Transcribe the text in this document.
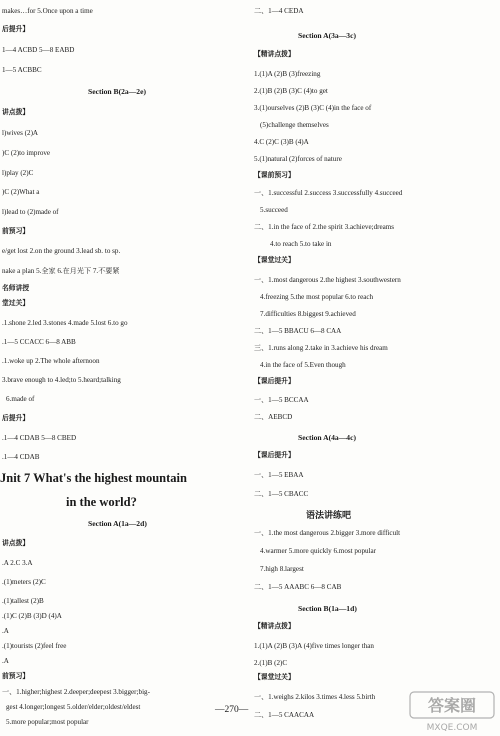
makes…for 5.Once upon a time
后提升】
1—4 ACBD 5—8 EABD
1—5 ACBBC
Section B(2a—2e)
讲点拨】
l)wives (2)A
)C (2)to improve
l)play (2)C
)C (2)What a
l)lead to (2)made of
前预习】
e/get lost 2.on the ground 3.lead sb. to sp.
nake a plan 5.全家 6.在月光下 7.不要紧
名师讲授
堂过关】
.1.shone 2.led 3.stones 4.made 5.lost 6.to go
.1—5 CCACC 6—8 ABB
.1.woke up 2.The whole afternoon
3.brave enough to 4.led;to 5.heard;talking
6.made of
后提升】
.1—4 CDAB 5—8 CBED
.1—4 CDAB
Jnit 7 What's the highest mountain
in the world?
Section A(1a—2d)
讲点拨】
.A 2.C 3.A
.(1)meters (2)C
.(1)tallest (2)B
.(1)C (2)B (3)D (4)A
.A
.(1)tourists (2)feel free
.A
前预习】
一、1.higher;highest 2.deeper;deepest 3.bigger;big-
gest 4.longer;longest 5.older/elder;oldest/eldest
5.more popular;most popular
二、1—4 CEDA
Section A(3a—3c)
【精讲点拨】
1.(1)A (2)B (3)freezing
2.(1)B (2)B (3)C (4)to get
3.(1)ourselves (2)B (3)C (4)in the face of
(5)challenge themselves
4.C (2)C (3)B (4)A
5.(1)natural (2)forces of nature
【课前预习】
一、1.successful 2.success 3.successfully 4.succeed
5.succeed
二、1.in the face of 2.the spirit 3.achieve;dreams
4.to reach 5.to take in
【课堂过关】
一、1.most dangerous 2.the highest 3.southwestern
4.freezing 5.the most popular 6.to reach
7.difficulties 8.biggest 9.achieved
二、1—5 BBACU 6—8 CAA
三、1.runs along 2.take in 3.achieve his dream
4.in the face of 5.Even though
【课后提升】
一、1—5 BCCAA
二、AEBCD
Section A(4a—4c)
【课后提升】
一、1—5 EBAA
二、1—5 CBACC
语法讲练吧
一、1.the most dangerous 2.bigger 3.more difficult
4.warmer 5.more quickly 6.most popular
7.high 8.largest
二、1—5 AAABC 6—8 CAB
Section B(1a—1d)
【精讲点拨】
1.(1)A (2)B (3)A (4)five times longer than
2.(1)B (2)C
【课堂过关】
一、1.weighs 2.kilos 3.times 4.less 5.birth
二、1—5 CAACAA
—270—	答案圈
MXQE.COM
